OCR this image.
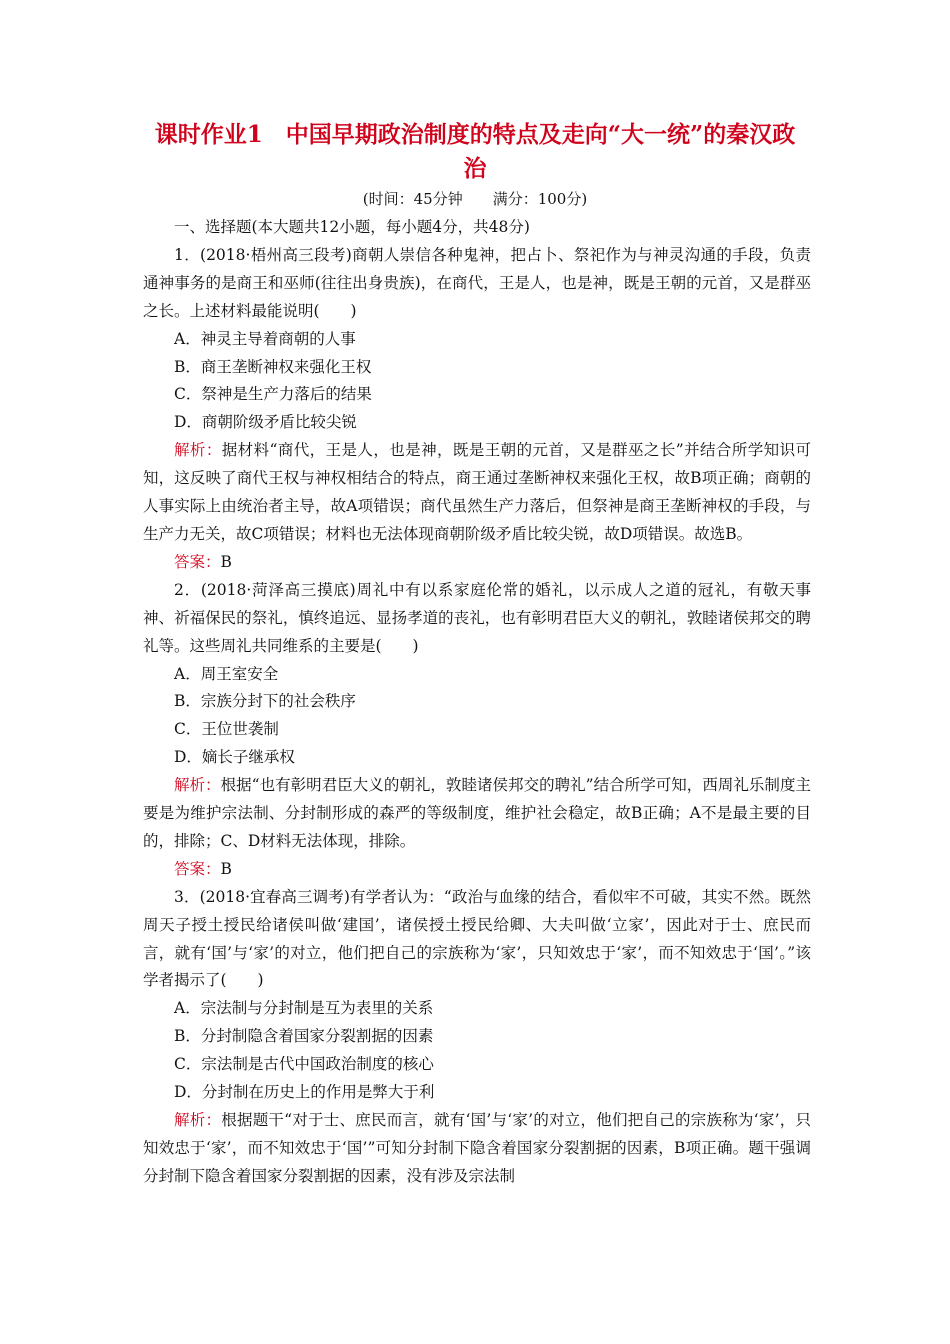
课时作业1　中国早期政治制度的特点及走向“大一统”的秦汉政
治
(时间：45分钟　　满分：100分)

一、选择题(本大题共12小题，每小题4分，共48分)

1．(2018·梧州高三段考)商朝人崇信各种鬼神，把占卜、祭祀作为与神灵沟通的手段，负责通神事务的是商王和巫师(往往出身贵族)，在商代，王是人，也是神，既是王朝的元首，又是群巫之长。上述材料最能说明(　　)

A．神灵主导着商朝的人事

B．商王垄断神权来强化王权

C．祭神是生产力落后的结果

D．商朝阶级矛盾比较尖锐

解析：据材料“商代，王是人，也是神，既是王朝的元首，又是群巫之长”并结合所学知识可知，这反映了商代王权与神权相结合的特点，商王通过垄断神权来强化王权，故B项正确；商朝的人事实际上由统治者主导，故A项错误；商代虽然生产力落后，但祭神是商王垄断神权的手段，与生产力无关，故C项错误；材料也无法体现商朝阶级矛盾比较尖锐，故D项错误。故选B。

答案：B

2．(2018·菏泽高三摸底)周礼中有以系家庭伦常的婚礼，以示成人之道的冠礼，有敬天事神、祈福保民的祭礼，慎终追远、显扬孝道的丧礼，也有彰明君臣大义的朝礼，敦睦诸侯邦交的聘礼等。这些周礼共同维系的主要是(　　)

A．周王室安全

B．宗族分封下的社会秩序

C．王位世袭制

D．嫡长子继承权

解析：根据“也有彰明君臣大义的朝礼，敦睦诸侯邦交的聘礼”结合所学可知，西周礼乐制度主要是为维护宗法制、分封制形成的森严的等级制度，维护社会稳定，故B正确；A不是最主要的目的，排除；C、D材料无法体现，排除。

答案：B

3．(2018·宜春高三调考)有学者认为：“政治与血缘的结合，看似牢不可破，其实不然。既然周天子授土授民给诸侯叫做‘建国’，诸侯授土授民给卿、大夫叫做‘立家’，因此对于士、庶民而言，就有‘国’与‘家’的对立，他们把自己的宗族称为‘家’，只知效忠于‘家’，而不知效忠于‘国’。”该学者揭示了(　　)

A．宗法制与分封制是互为表里的关系

B．分封制隐含着国家分裂割据的因素

C．宗法制是古代中国政治制度的核心

D．分封制在历史上的作用是弊大于利

解析：根据题干“对于士、庶民而言，就有‘国’与‘家’的对立，他们把自己的宗族称为‘家’，只知效忠于‘家’，而不知效忠于‘国’”可知分封制下隐含着国家分裂割据的因素，B项正确。题干强调分封制下隐含着国家分裂割据的因素，没有涉及宗法制
